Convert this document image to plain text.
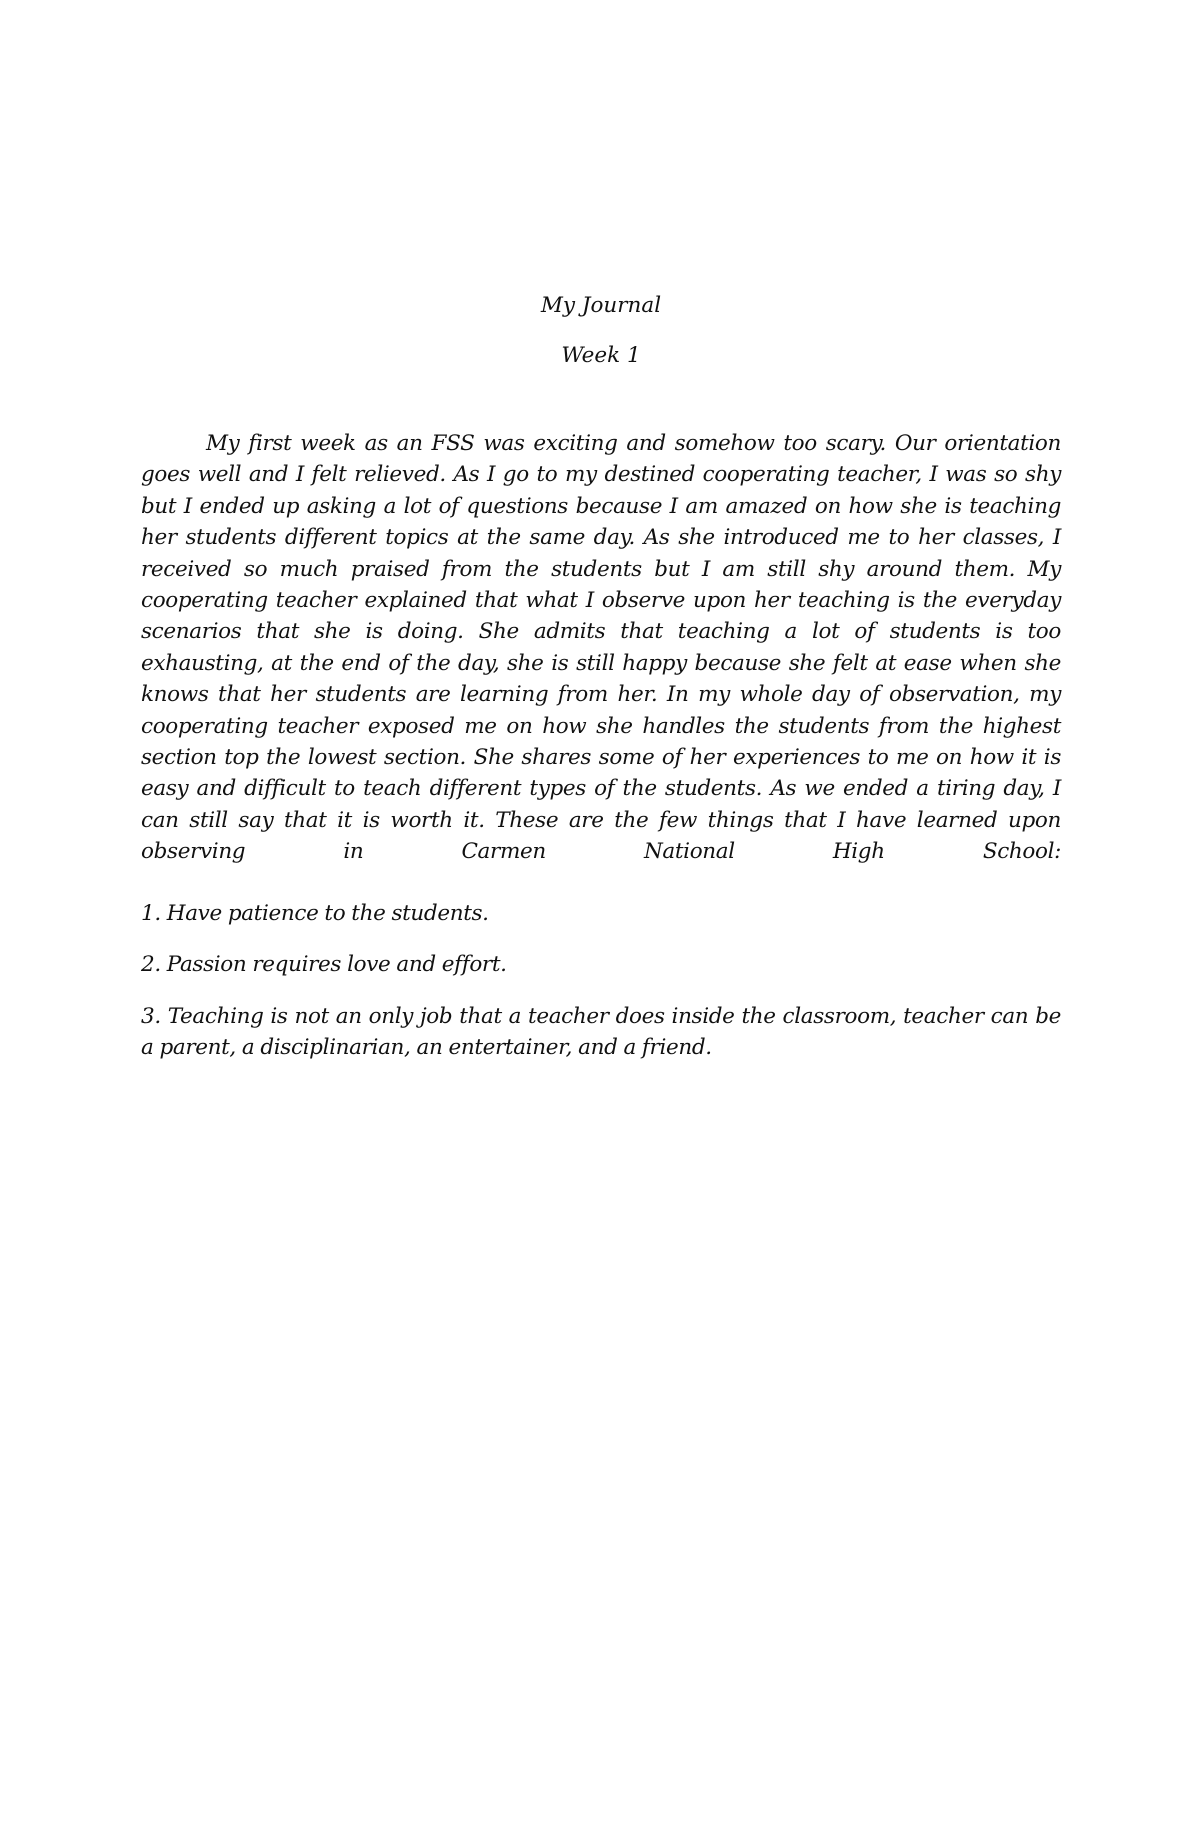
My Journal

Week 1

My first week as an FSS was exciting and somehow too scary. Our orientation goes well and I felt relieved. As I go to my destined cooperating teacher, I was so shy but I ended up asking a lot of questions because I am amazed on how she is teaching her students different topics at the same day. As she introduced me to her classes, I received so much praised from the students but I am still shy around them. My cooperating teacher explained that what I observe upon her teaching is the everyday scenarios that she is doing. She admits that teaching a lot of students is too exhausting, at the end of the day, she is still happy because she felt at ease when she knows that her students are learning from her. In my whole day of observation, my cooperating teacher exposed me on how she handles the students from the highest section top the lowest section. She shares some of her experiences to me on how it is easy and difficult to teach different types of the students. As we ended a tiring day, I can still say that it is worth it. These are the few things that I have learned upon observing in Carmen National High School:

1. Have patience to the students.
2. Passion requires love and effort.
3. Teaching is not an only job that a teacher does inside the classroom, teacher can be a parent, a disciplinarian, an entertainer, and a friend.
